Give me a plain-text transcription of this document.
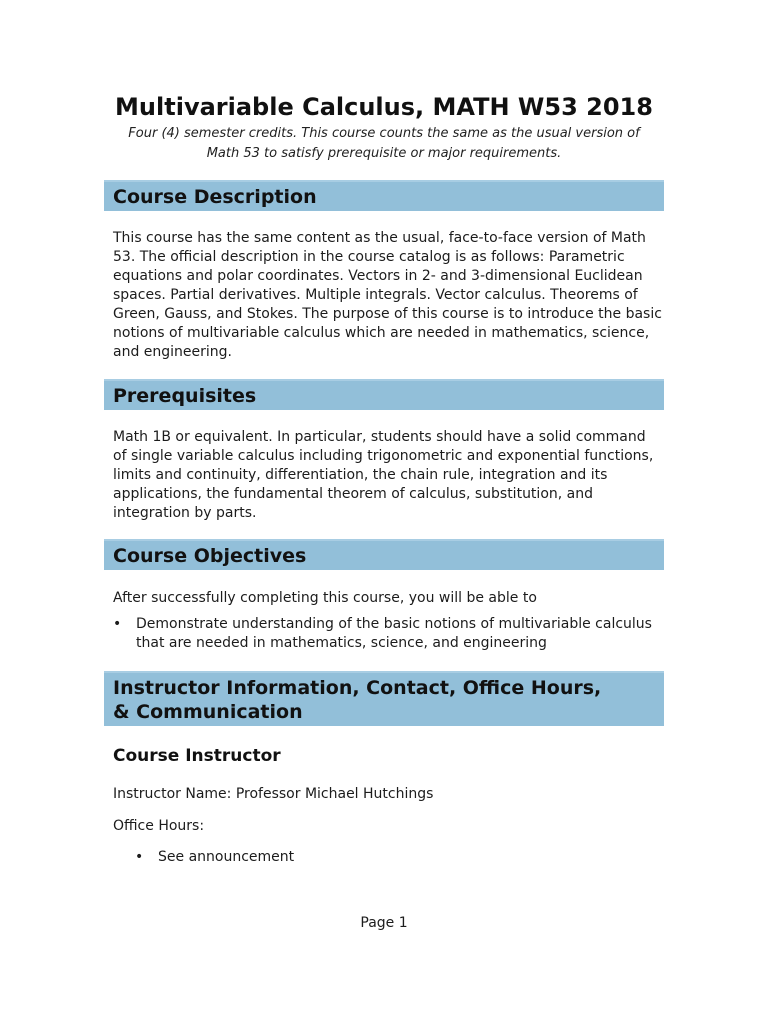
Multivariable Calculus, MATH W53 2018

Four (4) semester credits. This course counts the same as the usual version of
Math 53 to satisfy prerequisite or major requirements.

Course Description

This course has the same content as the usual, face-to-face version of Math 53. The official description in the course catalog is as follows: Parametric equations and polar coordinates. Vectors in 2- and 3-dimensional Euclidean spaces. Partial derivatives. Multiple integrals. Vector calculus. Theorems of Green, Gauss, and Stokes. The purpose of this course is to introduce the basic notions of multivariable calculus which are needed in mathematics, science, and engineering.

Prerequisites

Math 1B or equivalent. In particular, students should have a solid command of single variable calculus including trigonometric and exponential functions, limits and continuity, differentiation, the chain rule, integration and its applications, the fundamental theorem of calculus, substitution, and integration by parts.

Course Objectives

After successfully completing this course, you will be able to

• Demonstrate understanding of the basic notions of multivariable calculus that are needed in mathematics, science, and engineering
Instructor Information, Contact, Office Hours,
& Communication
Course Instructor

Instructor Name: Professor Michael Hutchings

Office Hours:

• See announcement
Page 1
